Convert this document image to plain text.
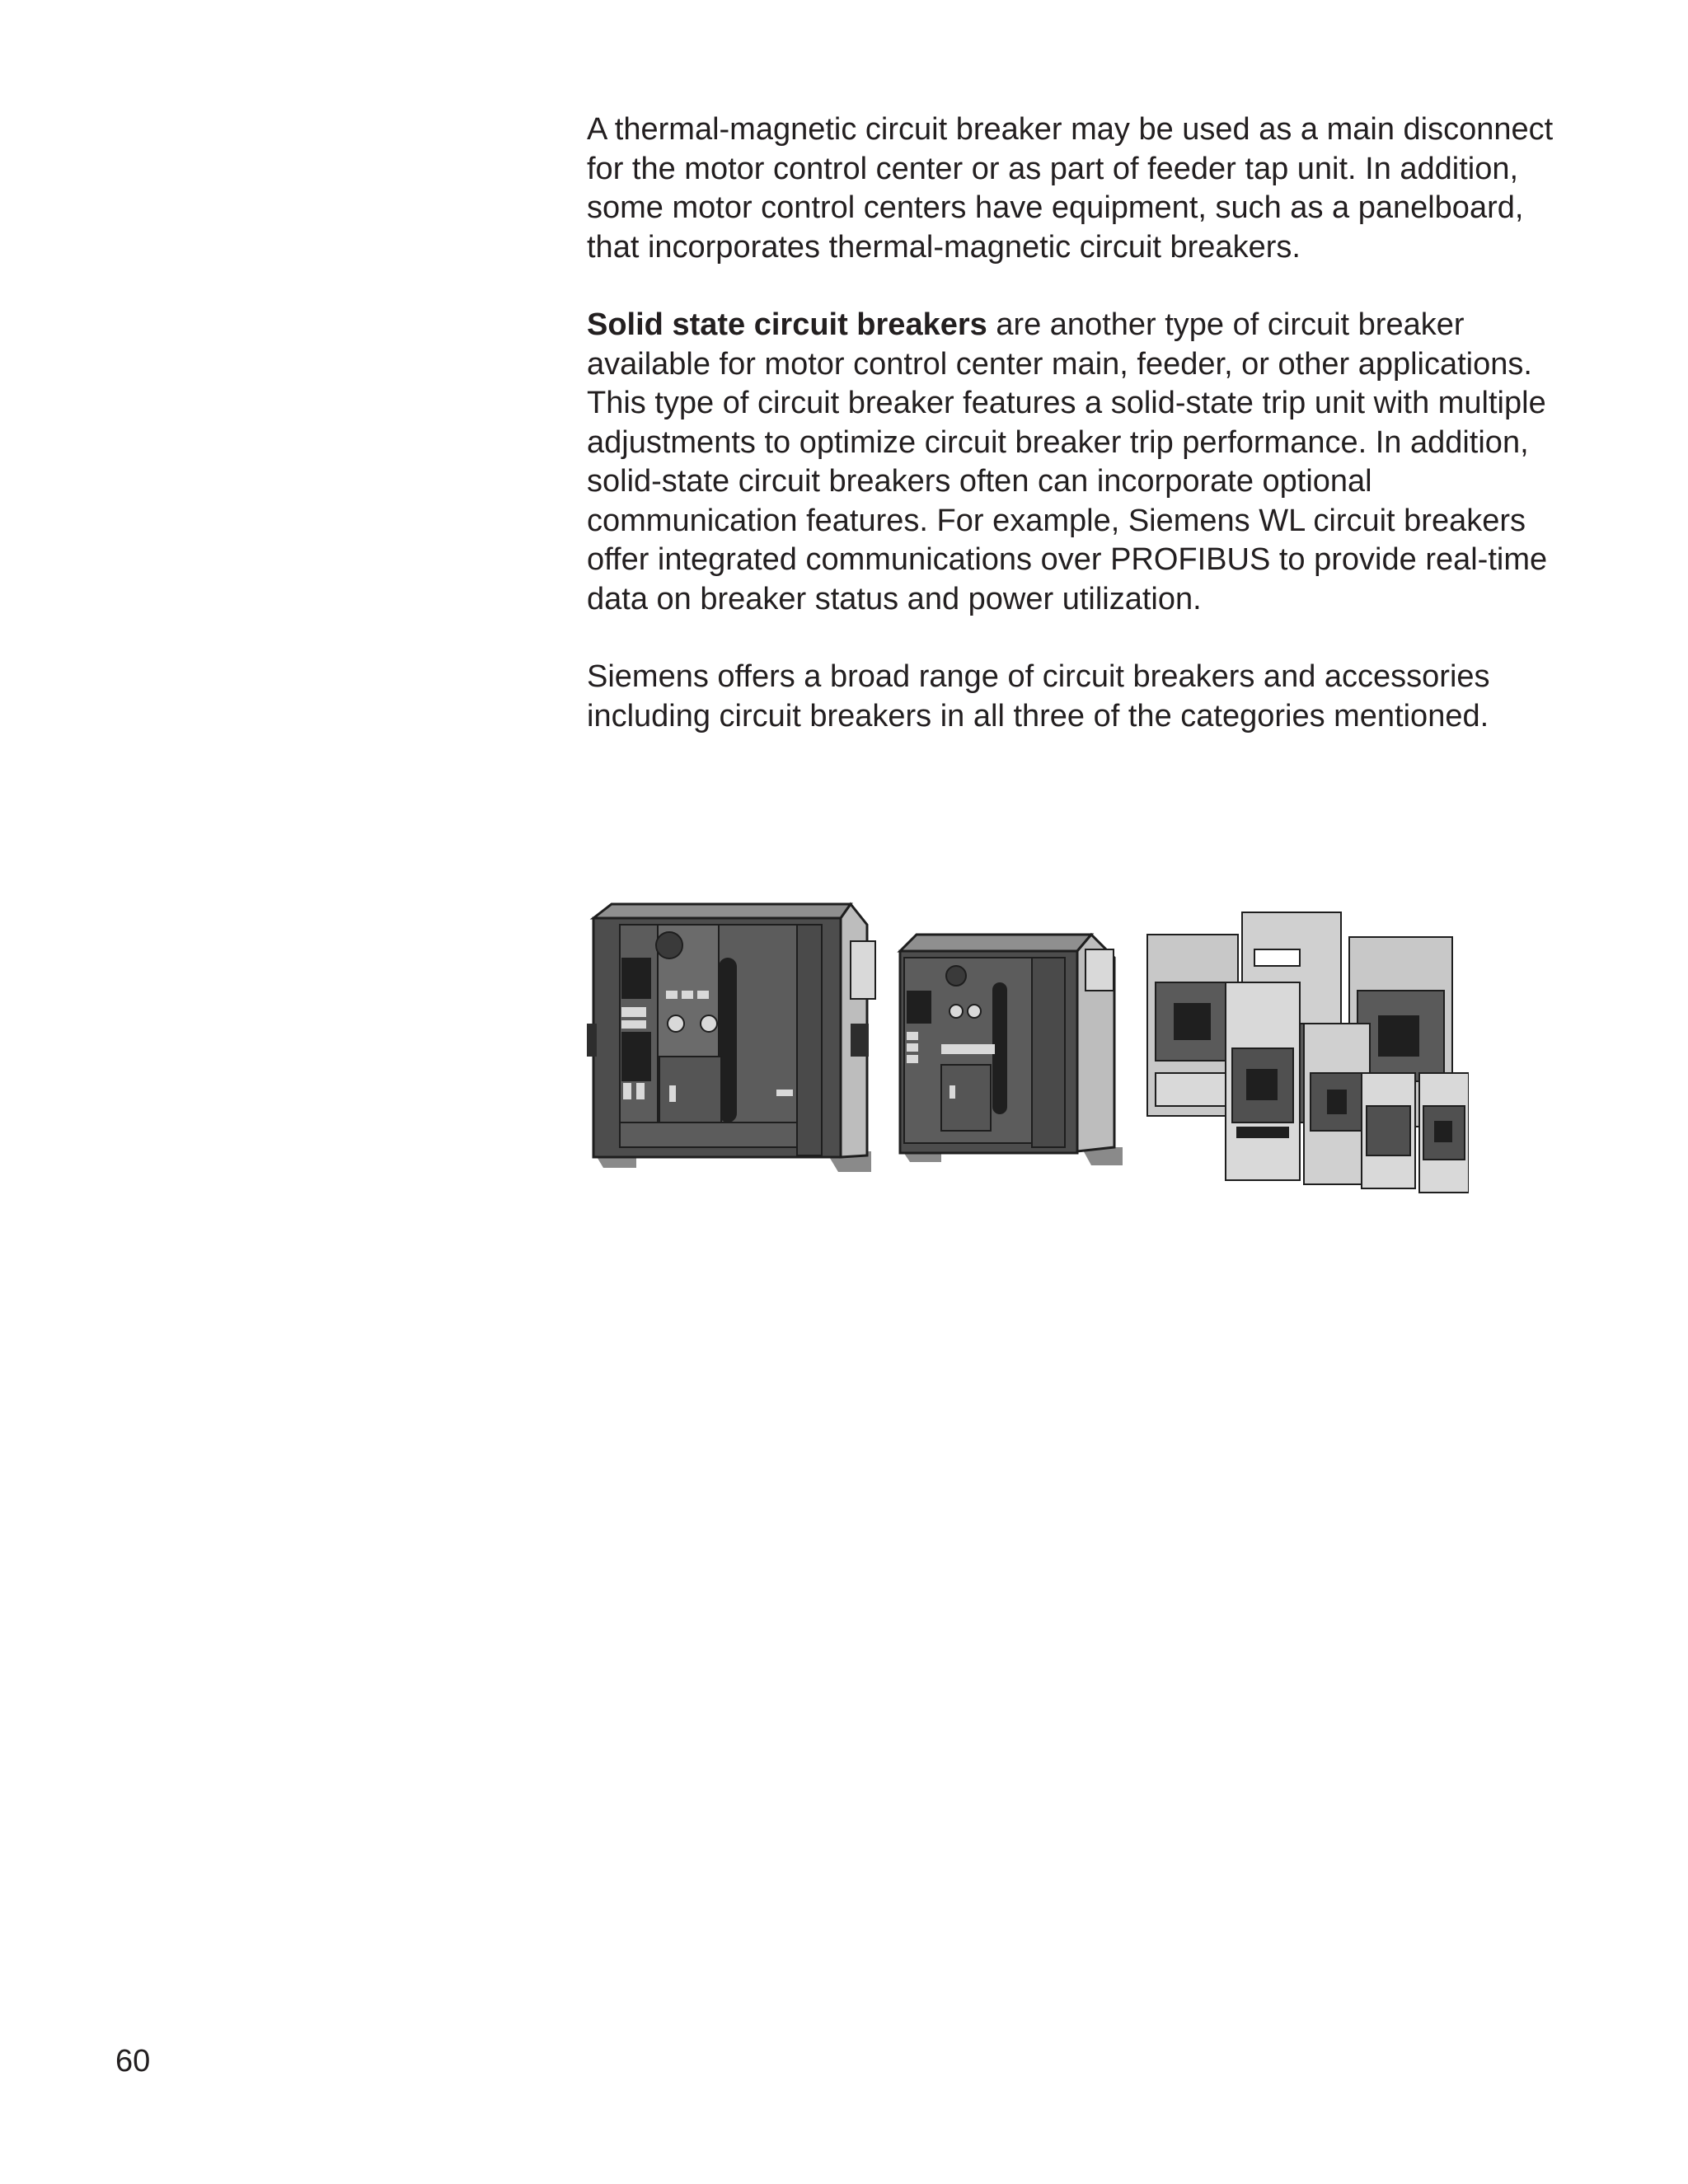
A thermal-magnetic circuit breaker may be used as a main disconnect for the motor control center or as part of feeder tap unit. In addition, some motor control centers have equipment, such as a panelboard, that incorporates thermal-magnetic circuit breakers.

Solid state circuit breakers are another type of circuit breaker available for motor control center main, feeder, or other applications. This type of circuit breaker features a solid-state trip unit with multiple adjustments to optimize circuit breaker trip performance. In addition, solid-state circuit breakers often can incorporate optional communication features. For example, Siemens WL circuit breakers offer integrated communications over PROFIBUS to provide real-time data on breaker status and power utilization.

Siemens offers a broad range of circuit breakers and accessories including circuit breakers in all three of the categories mentioned.

60
